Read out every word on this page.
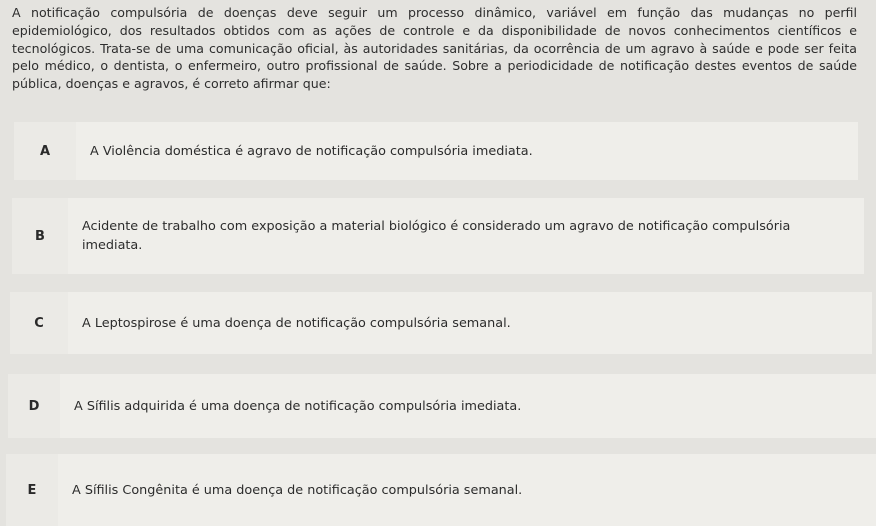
A notificação compulsória de doenças deve seguir um processo dinâmico, variável em função das mudanças no perfil epidemiológico, dos resultados obtidos com as ações de controle e da disponibilidade de novos conhecimentos científicos e tecnológicos. Trata-se de uma comunicação oficial, às autoridades sanitárias, da ocorrência de um agravo à saúde e pode ser feita pelo médico, o dentista, o enfermeiro, outro profissional de saúde. Sobre a periodicidade de notificação destes eventos de saúde pública, doenças e agravos, é correto afirmar que:
A	A Violência doméstica é agravo de notificação compulsória imediata.
B
Acidente de trabalho com exposição a material biológico é considerado um agravo de notificação compulsória imediata.
C	A Leptospirose é uma doença de notificação compulsória semanal.
D	A Sífilis adquirida é uma doença de notificação compulsória imediata.
E	A Sífilis Congênita é uma doença de notificação compulsória semanal.
